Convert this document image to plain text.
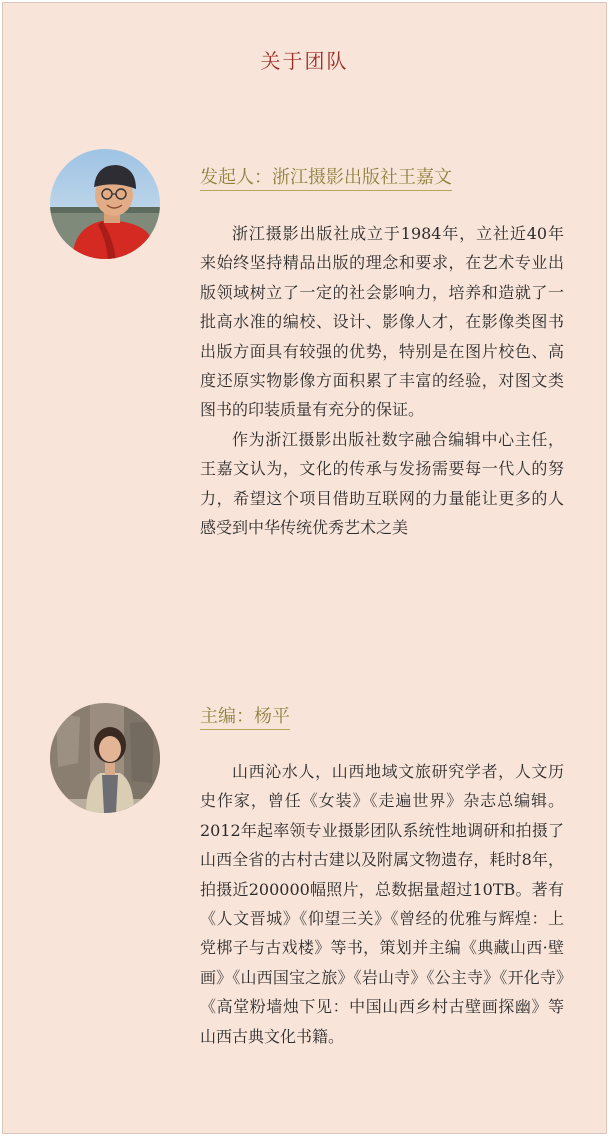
关于团队
发起人：浙江摄影出版社王嘉文

浙江摄影出版社成立于1984年，立社近40年来始终坚持精品出版的理念和要求，在艺术专业出版领域树立了一定的社会影响力，培养和造就了一批高水准的编校、设计、影像人才，在影像类图书出版方面具有较强的优势，特别是在图片校色、高度还原实物影像方面积累了丰富的经验，对图文类图书的印装质量有充分的保证。

作为浙江摄影出版社数字融合编辑中心主任，王嘉文认为，文化的传承与发扬需要每一代人的努力，希望这个项目借助互联网的力量能让更多的人感受到中华传统优秀艺术之美

主编：杨平

山西沁水人，山西地域文旅研究学者，人文历史作家，曾任《女装》《走遍世界》杂志总编辑。2012年起率领专业摄影团队系统性地调研和拍摄了山西全省的古村古建以及附属文物遗存，耗时8年，拍摄近200000幅照片，总数据量超过10TB。著有《人文晋城》《仰望三关》《曾经的优雅与辉煌：上党梆子与古戏楼》等书，策划并主编《典藏山西·壁画》《山西国宝之旅》《岩山寺》《公主寺》《开化寺》《高堂粉墙烛下见：中国山西乡村古壁画探幽》等山西古典文化书籍。
